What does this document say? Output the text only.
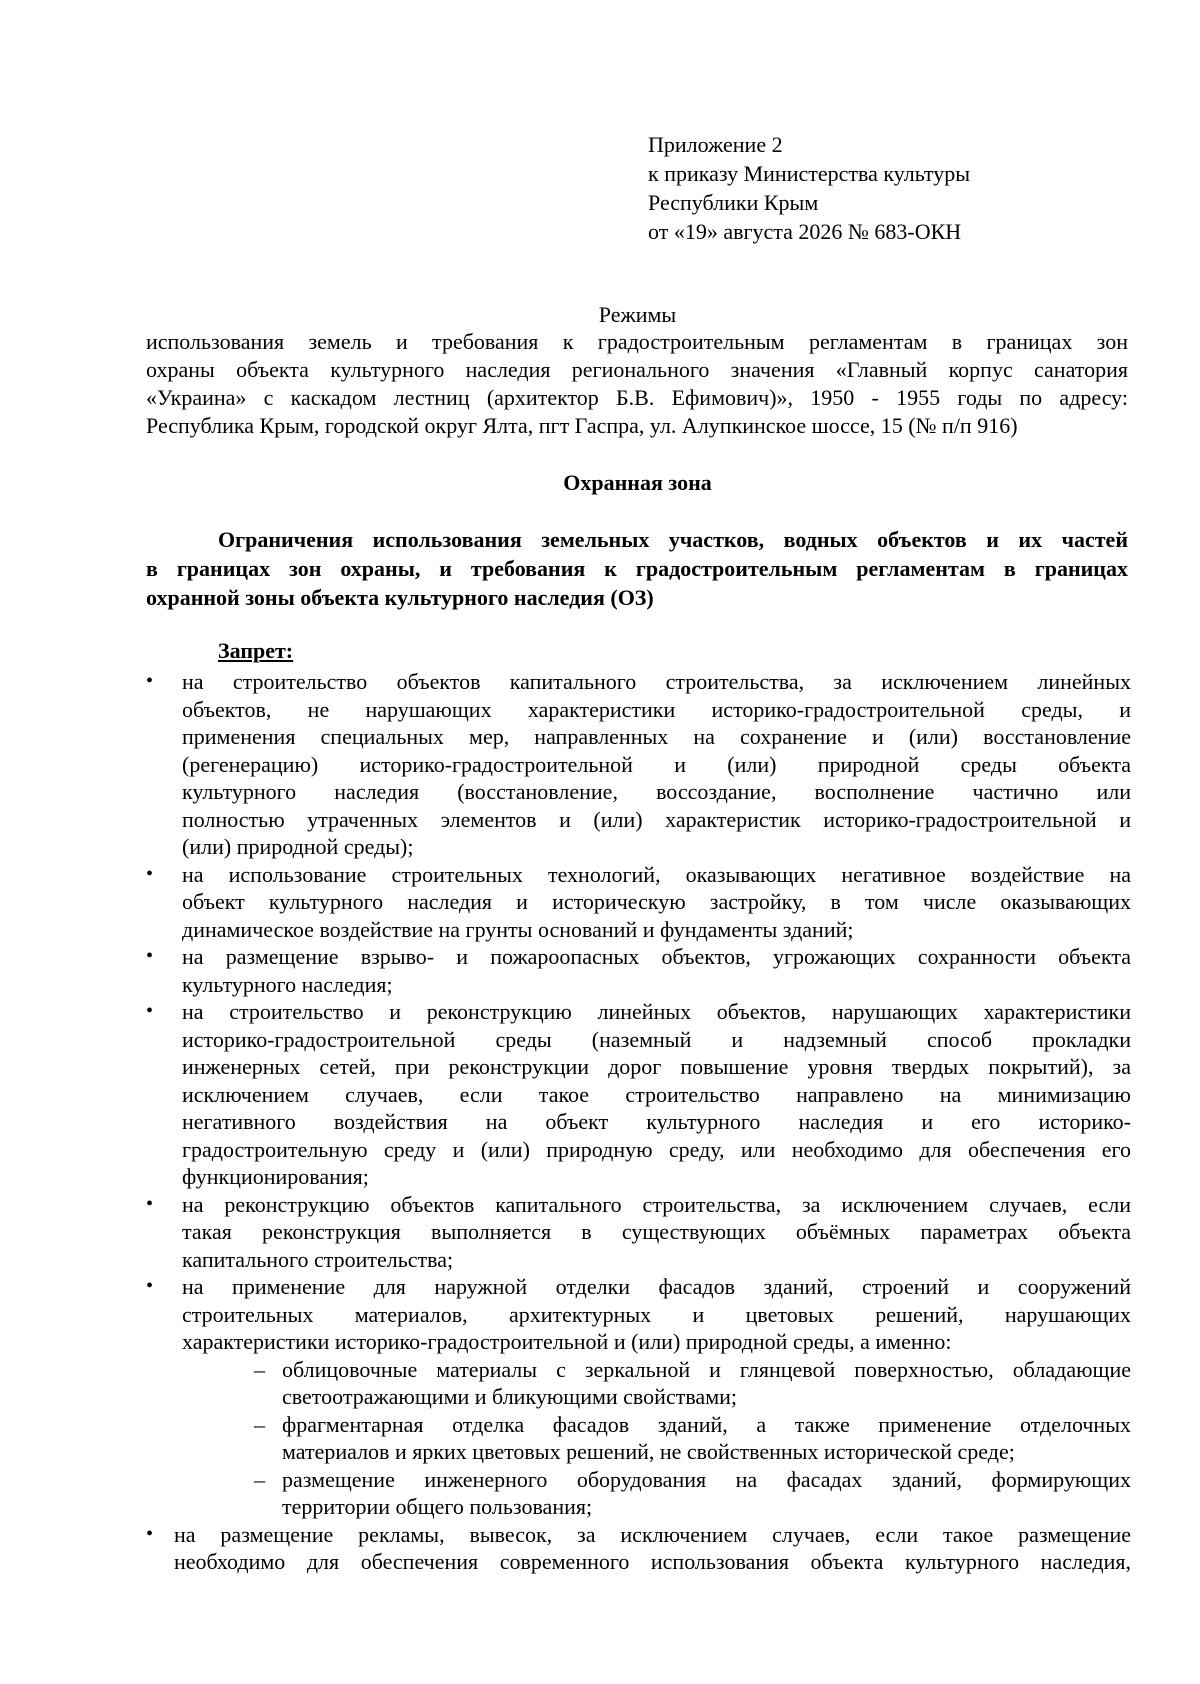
Приложение 2
к приказу Министерства культуры
Республики Крым
от «19» августа 2026 № 683-ОКН
Режимы
использования земель и требования к градостроительным регламентам в границах зон
охраны объекта культурного наследия регионального значения «Главный корпус санатория
«Украина» с каскадом лестниц (архитектор Б.В. Ефимович)», 1950 - 1955 годы по адресу:
Республика Крым, городской округ Ялта, пгт Гаспра, ул. Алупкинское шоссе, 15 (№ п/п 916)
Охранная зона
Ограничения использования земельных участков, водных объектов и их частей
в границах зон охраны, и требования к градостроительным регламентам в границах
охранной зоны объекта культурного наследия (ОЗ)
Запрет:
•	на строительство объектов капитального строительства, за исключением линейных
объектов, не нарушающих характеристики историко-градостроительной среды, и
применения специальных мер, направленных на сохранение и (или) восстановление
(регенерацию) историко-градостроительной и (или) природной среды объекта
культурного наследия (восстановление, воссоздание, восполнение частично или
полностью утраченных элементов и (или) характеристик историко-градостроительной и
(или) природной среды);
•	на использование строительных технологий, оказывающих негативное воздействие на
объект культурного наследия и историческую застройку, в том числе оказывающих
динамическое воздействие на грунты оснований и фундаменты зданий;
•	на размещение взрыво- и пожароопасных объектов, угрожающих сохранности объекта
культурного наследия;
•	на строительство и реконструкцию линейных объектов, нарушающих характеристики
историко-градостроительной среды (наземный и надземный способ прокладки
инженерных сетей, при реконструкции дорог повышение уровня твердых покрытий), за
исключением случаев, если такое строительство направлено на минимизацию
негативного воздействия на объект культурного наследия и его историко-
градостроительную среду и (или) природную среду, или необходимо для обеспечения его
функционирования;
•	на реконструкцию объектов капитального строительства, за исключением случаев, если
такая реконструкция выполняется в существующих объёмных параметрах объекта
капитального строительства;
•	на применение для наружной отделки фасадов зданий, строений и сооружений
строительных материалов, архитектурных и цветовых решений, нарушающих
характеристики историко-градостроительной и (или) природной среды, а именно:
– облицовочные материалы с зеркальной и глянцевой поверхностью, обладающие
светоотражающими и бликующими свойствами;
– фрагментарная отделка фасадов зданий, а также применение отделочных
материалов и ярких цветовых решений, не свойственных исторической среде;
– размещение инженерного оборудования на фасадах зданий, формирующих
территории общего пользования;
• на размещение рекламы, вывесок, за исключением случаев, если такое размещение
необходимо для обеспечения современного использования объекта культурного наследия,
